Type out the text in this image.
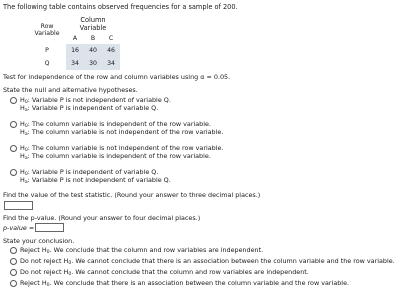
The following table contains observed frequencies for a sample of 200.
Row
Variable	Column Variable		
	A	B	C
P	16	40	46
Q	34	30	34
Test for independence of the row and column variables using α = 0.05.
State the null and alternative hypotheses.
$H_0$: Variable P is not independent of variable Q.
$H_a$: Variable P is independent of variable Q.
$H_0$: The column variable is independent of the row variable.
$H_a$: The column variable is not independent of the row variable.
$H_0$: The column variable is not independent of the row variable.
$H_a$: The column variable is independent of the row variable.
$H_0$: Variable P is independent of variable Q.
$H_a$: Variable P is not independent of variable Q.
Find the value of the test statistic. (Round your answer to three decimal places.)
Find the p-value. (Round your answer to four decimal places.)
p-value =
State your conclusion.
Reject $H_0$. We conclude that the column and row variables are independent.
Do not reject $H_0$. We cannot conclude that there is an association between the column variable and the row variable.
Do not reject $H_0$. We cannot conclude that the column and row variables are independent.
Reject $H_0$. We conclude that there is an association between the column variable and the row variable.
